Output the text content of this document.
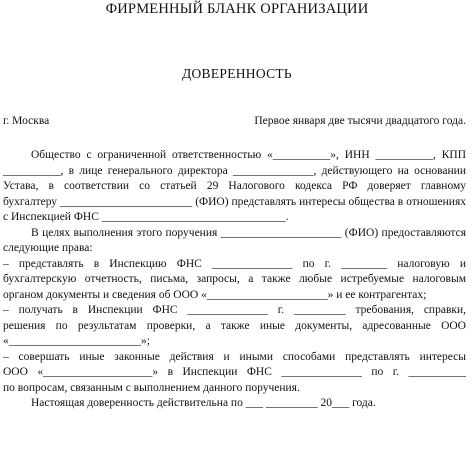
ФИРМЕННЫЙ БЛАНК ОРГАНИЗАЦИИ
ДОВЕРЕННОСТЬ
г. Москва	Первое января две тысячи двадцатого года.

Общество с ограниченной ответственностью «__________», ИНН __________, КПП

__________, в лице генерального директора ______________, действующего на основании

Устава, в соответствии со статьей 29 Налогового кодекса РФ доверяет главному

бухгалтеру _______________________ (ФИО) представлять интересы общества в отношениях

с Инспекцией ФНС ________________________________.

В целях выполнения этого поручения _____________________ (ФИО) предоставляются

следующие права:

– представлять в Инспекцию ФНС ______________ по г. ________ налоговую и

бухгалтерскую отчетность, письма, запросы, а также любые истребуемые налоговым

органом документы и сведения об ООО «_____________________» и ее контрагентах;

– получать в Инспекции ФНС ______________ г. _________ требования, справки,

решения по результатам проверки, а также иные документы, адресованные ООО

«_______________________»;

– совершать иные законные действия и иными способами представлять интересы

ООО «___________________» в Инспекции ФНС ______________ по г. __________

по вопросам, связанным с выполнением данного поручения.

Настоящая доверенность действительна по ___ _________ 20___ года.
